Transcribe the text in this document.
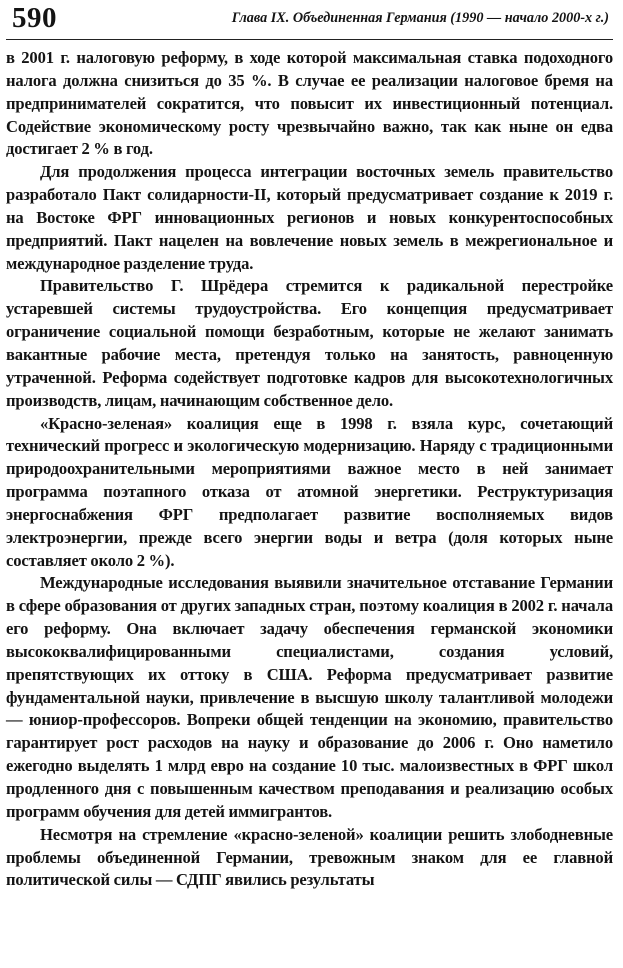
590	Глава IX. Объединенная Германия (1990 — начало 2000-х г.)

в 2001 г. налоговую реформу, в ходе которой максимальная ставка подоходного налога должна снизиться до 35 %. В случае ее реализации налоговое бремя на предпринимателей сократится, что повысит их инвестиционный потенциал. Содействие экономическому росту чрезвычайно важно, так как ныне он едва достигает 2 % в год.

Для продолжения процесса интеграции восточных земель правительство разработало Пакт солидарности-II, который предусматривает создание к 2019 г. на Востоке ФРГ инновационных регионов и новых конкурентоспособных предприятий. Пакт нацелен на вовлечение новых земель в межрегиональное и международное разделение труда.

Правительство Г. Шрёдера стремится к радикальной перестройке устаревшей системы трудоустройства. Его концепция предусматривает ограничение социальной помощи безработным, которые не желают занимать вакантные рабочие места, претендуя только на занятость, равноценную утраченной. Реформа содействует подготовке кадров для высокотехнологичных производств, лицам, начинающим собственное дело.

«Красно-зеленая» коалиция еще в 1998 г. взяла курс, сочетающий технический прогресс и экологическую модернизацию. Наряду с традиционными природоохранительными мероприятиями важное место в ней занимает программа поэтапного отказа от атомной энергетики. Реструктуризация энергоснабжения ФРГ предполагает развитие восполняемых видов электроэнергии, прежде всего энергии воды и ветра (доля которых ныне составляет около 2 %).

Международные исследования выявили значительное отставание Германии в сфере образования от других западных стран, поэтому коалиция в 2002 г. начала его реформу. Она включает задачу обеспечения германской экономики высококвалифицированными специалистами, создания условий, препятствующих их оттоку в США. Реформа предусматривает развитие фундаментальной науки, привлечение в высшую школу талантливой молодежи — юниор-профессоров. Вопреки общей тенденции на экономию, правительство гарантирует рост расходов на науку и образование до 2006 г. Оно наметило ежегодно выделять 1 млрд евро на создание 10 тыс. малоизвестных в ФРГ школ продленного дня с повышенным качеством преподавания и реализацию особых программ обучения для детей иммигрантов.

Несмотря на стремление «красно-зеленой» коалиции решить злободневные проблемы объединенной Германии, тревожным знаком для ее главной политической силы — СДПГ явились результаты
